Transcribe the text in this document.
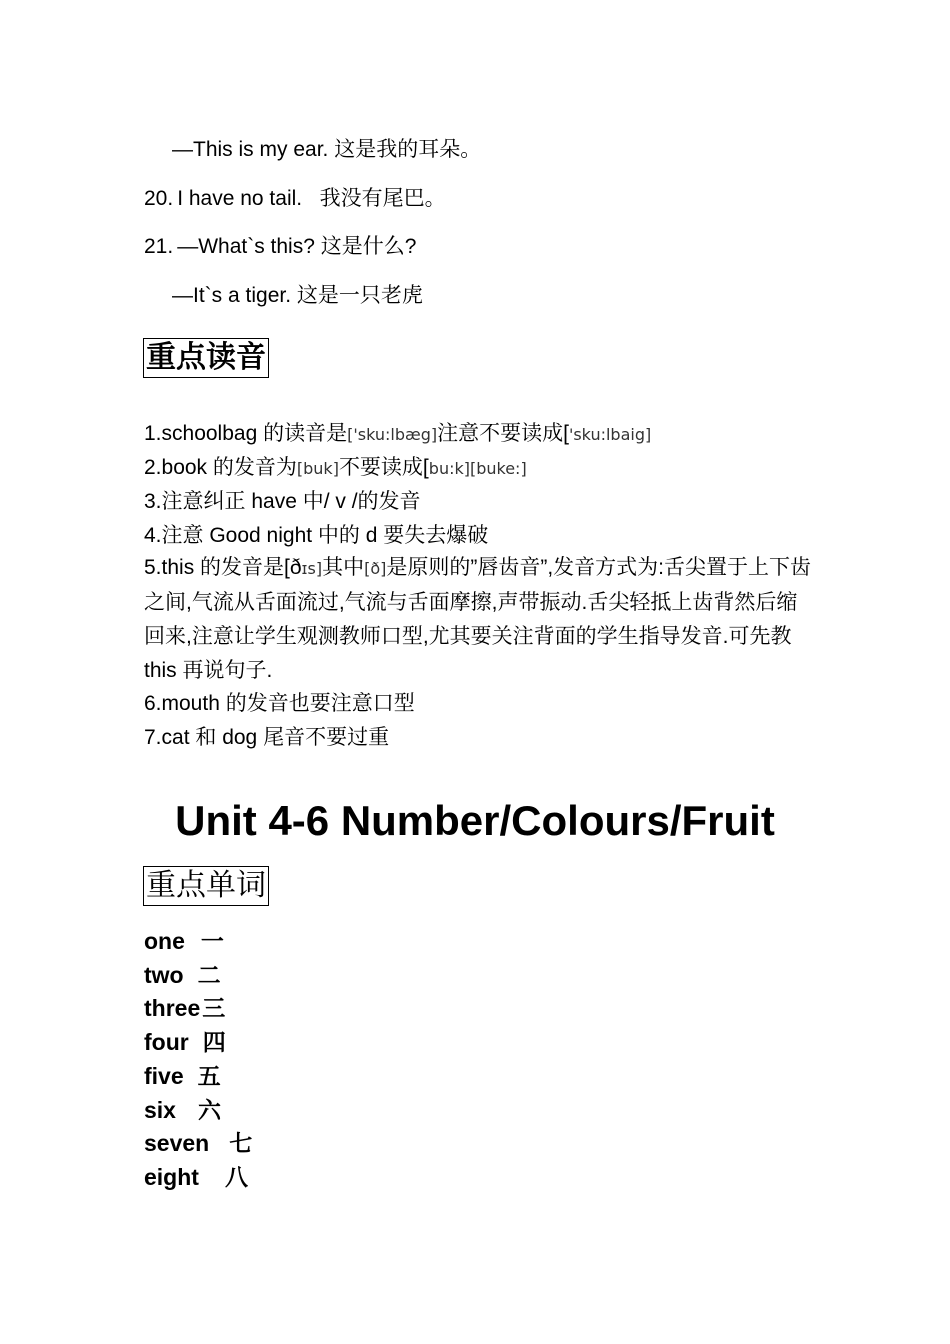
—This is my ear. 这是我的耳朵。
20. I have no tail.   我没有尾巴。
21. —What`s this? 这是什么?
—It`s a tiger. 这是一只老虎
重点读音
1.schoolbag 的读音是['sku:lbæg]注意不要读成['sku:lbaig]
2.book 的发音为[buk]不要读成[bu:k][buke:]
3.注意纠正 have 中/ v /的发音
4.注意 Good night 中的 d 要失去爆破
5.this 的发音是[ðɪs]其中[ð]是原则的”唇齿音”,发音方式为:舌尖置于上下齿之间,气流从舌面流过,气流与舌面摩擦,声带振动.舌尖轻抵上齿背然后缩回来,注意让学生观测教师口型,尤其要关注背面的学生指导发音.可先教 this 再说句子.
6.mouth 的发音也要注意口型
7.cat 和 dog 尾音不要过重
Unit 4-6 Number/Colours/Fruit
重点单词
one 一
two 二
three三
four 四
five 五
six 六
seven 七
eight 八
